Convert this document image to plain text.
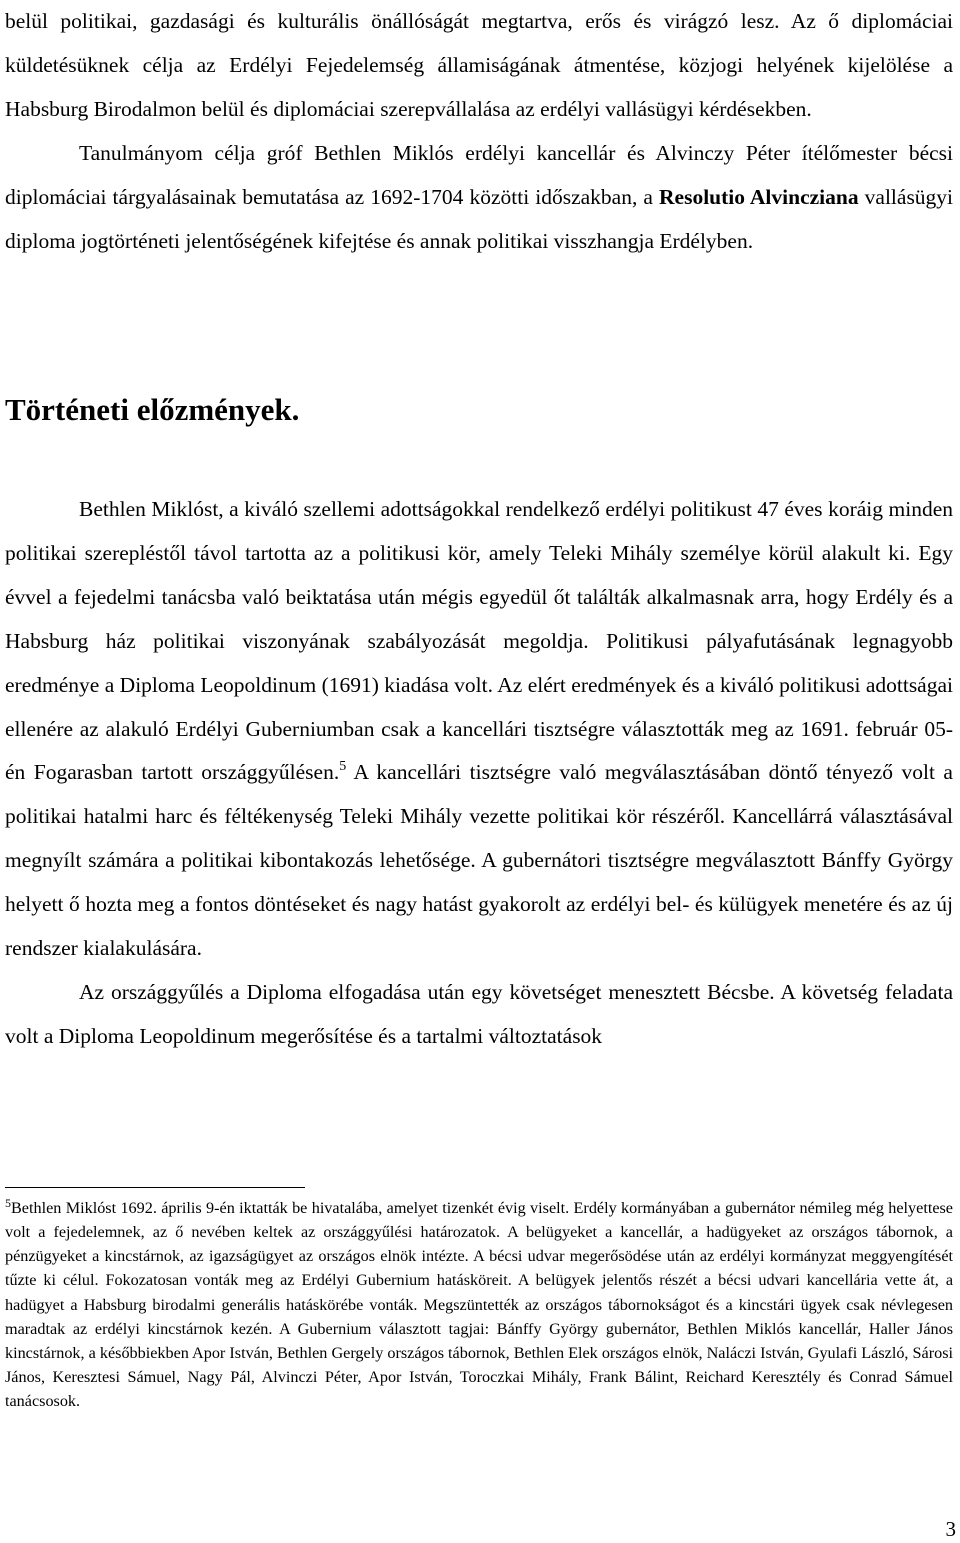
belül politikai, gazdasági és kulturális önállóságát megtartva, erős és virágzó lesz. Az ő diplomáciai küldetésüknek célja az Erdélyi Fejedelemség államiságának átmentése, közjogi helyének kijelölése a Habsburg Birodalmon belül és diplomáciai szerepvállalása az erdélyi vallásügyi kérdésekben.

Tanulmányom célja gróf Bethlen Miklós erdélyi kancellár és Alvinczy Péter ítélőmester bécsi diplomáciai tárgyalásainak bemutatása az 1692-1704 közötti időszakban, a Resolutio Alvincziana vallásügyi diploma jogtörténeti jelentőségének kifejtése és annak politikai visszhangja Erdélyben.

Történeti előzmények.

Bethlen Miklóst, a kiváló szellemi adottságokkal rendelkező erdélyi politikust 47 éves koráig minden politikai szerepléstől távol tartotta az a politikusi kör, amely Teleki Mihály személye körül alakult ki. Egy évvel a fejedelmi tanácsba való beiktatása után mégis egyedül őt találták alkalmasnak arra, hogy Erdély és a Habsburg ház politikai viszonyának szabályozását megoldja. Politikusi pályafutásának legnagyobb eredménye a Diploma Leopoldinum (1691) kiadása volt. Az elért eredmények és a kiváló politikusi adottságai ellenére az alakuló Erdélyi Guberniumban csak a kancellári tisztségre választották meg az 1691. február 05-én Fogarasban tartott országgyűlésen.$^5$ A kancellári tisztségre való megválasztásában döntő tényező volt a politikai hatalmi harc és féltékenység Teleki Mihály vezette politikai kör részéről. Kancellárrá választásával megnyílt számára a politikai kibontakozás lehetősége. A gubernátori tisztségre megválasztott Bánffy György helyett ő hozta meg a fontos döntéseket és nagy hatást gyakorolt az erdélyi bel- és külügyek menetére és az új rendszer kialakulására.

Az országgyűlés a Diploma elfogadása után egy követséget menesztett Bécsbe. A követség feladata volt a Diploma Leopoldinum megerősítése és a tartalmi változtatások

$^5$Bethlen Miklóst 1692. április 9-én iktatták be hivatalába, amelyet tizenkét évig viselt. Erdély kormányában a gubernátor némileg még helyettese volt a fejedelemnek, az ő nevében keltek az országgyűlési határozatok. A belügyeket a kancellár, a hadügyeket az országos tábornok, a pénzügyeket a kincstárnok, az igazságügyet az országos elnök intézte. A bécsi udvar megerősödése után az erdélyi kormányzat meggyengítését tűzte ki célul. Fokozatosan vonták meg az Erdélyi Gubernium hatásköreit. A belügyek jelentős részét a bécsi udvari kancellária vette át, a hadügyet a Habsburg birodalmi generális hatáskörébe vonták. Megszüntették az országos tábornokságot és a kincstári ügyek csak névlegesen maradtak az erdélyi kincstárnok kezén. A Gubernium választott tagjai: Bánffy György gubernátor, Bethlen Miklós kancellár, Haller János kincstárnok, a későbbiekben Apor István, Bethlen Gergely országos tábornok, Bethlen Elek országos elnök, Naláczi István, Gyulafi László, Sárosi János, Keresztesi Sámuel, Nagy Pál, Alvinczi Péter, Apor István, Toroczkai Mihály, Frank Bálint, Reichard Keresztély és Conrad Sámuel tanácsosok.

3
